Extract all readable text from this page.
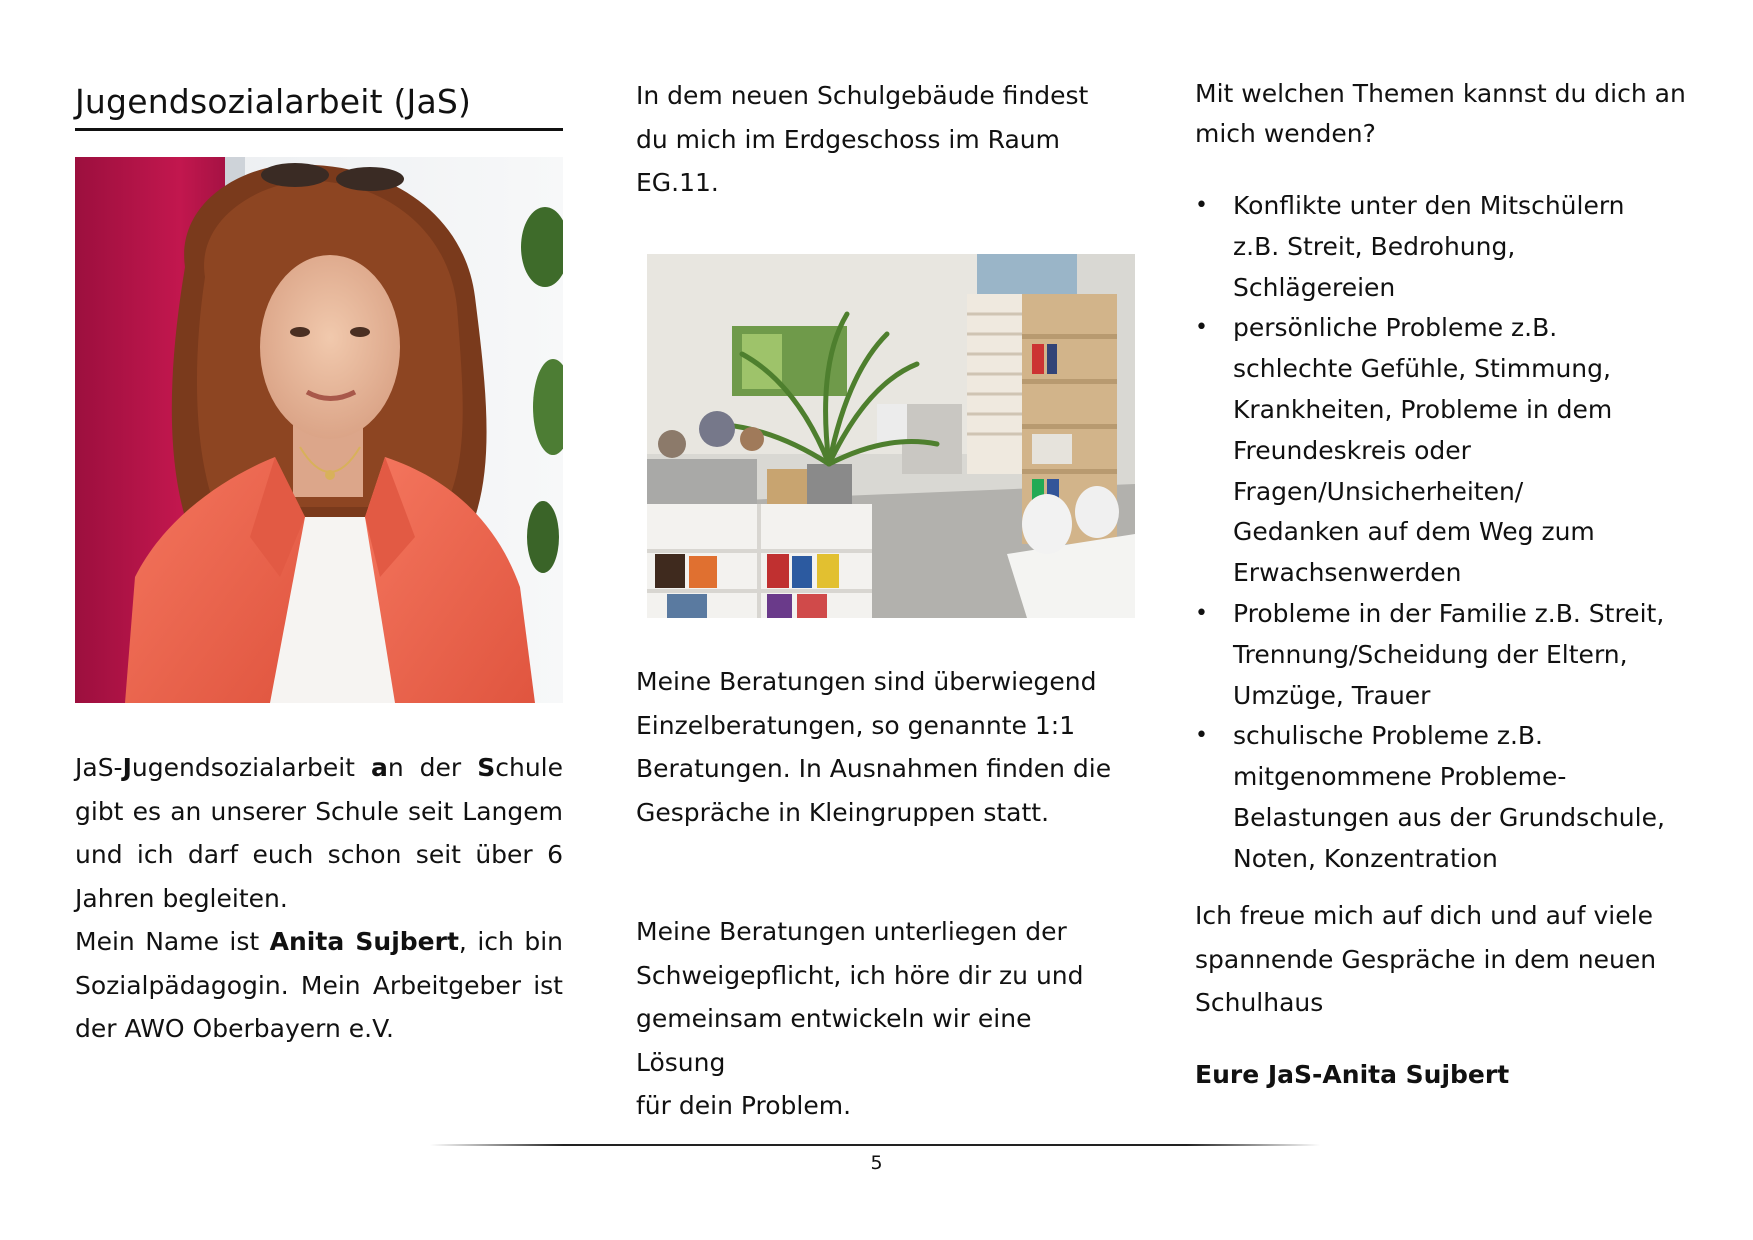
Jugendsozialarbeit (JaS)

JaS-Jugendsozialarbeit an der Schule gibt es an unserer Schule seit Langem und ich darf euch schon seit über 6 Jahren begleiten.

Mein Name ist Anita Sujbert, ich bin Sozialpädagogin. Mein Arbeitgeber ist der AWO Oberbayern e.V.

In dem neuen Schulgebäude findest

du mich im Erdgeschoss im Raum

EG.11.

Meine Beratungen sind überwiegend

Einzelberatungen, so genannte 1:1

Beratungen. In Ausnahmen finden die

Gespräche in Kleingruppen statt.

Meine Beratungen unterliegen der

Schweigepflicht, ich höre dir zu und

gemeinsam entwickeln wir eine Lösung

für dein Problem.

Mit welchen Themen kannst du dich an

mich wenden?

• Konflikte unter den Mitschülern
z.B. Streit, Bedrohung,
Schlägereien
• persönliche Probleme z.B.
schlechte Gefühle, Stimmung,
Krankheiten, Probleme in dem
Freundeskreis oder
Fragen/Unsicherheiten/
Gedanken auf dem Weg zum
Erwachsenwerden
• Probleme in der Familie z.B. Streit,
Trennung/Scheidung der Eltern,
Umzüge, Trauer
• schulische Probleme z.B.
mitgenommene Probleme-
Belastungen aus der Grundschule,
Noten, Konzentration
Ich freue mich auf dich und auf viele
spannende Gespräche in dem neuen
Schulhaus

Eure JaS-Anita Sujbert

5
